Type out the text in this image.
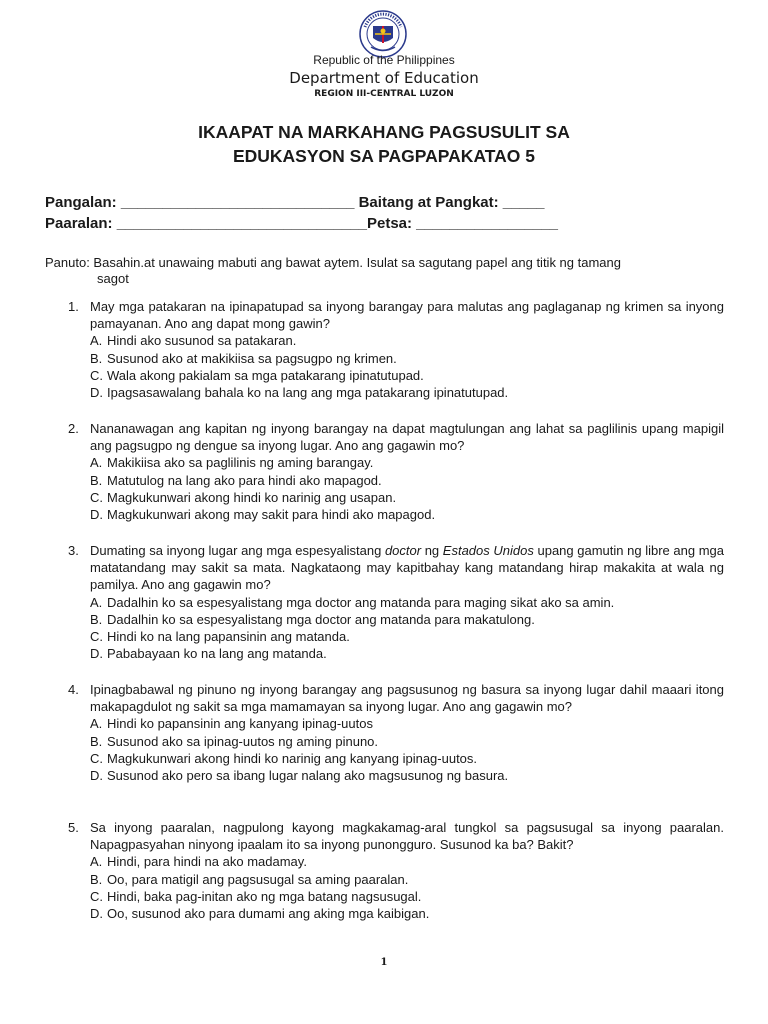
Republic of the Philippines
Department of Education
REGION III-CENTRAL LUZON
IKAAPAT NA MARKAHANG PAGSUSULIT SA
EDUKASYON SA PAGPAPAKATAO 5
Pangalan: ____________________________ Baitang at Pangkat: _____
Paaralan: ______________________________Petsa: _________________
Panuto: Basahin.at unawaing mabuti ang bawat aytem. Isulat sa sagutang papel ang titik ng tamang
sagot
1. May mga patakaran na ipinapatupad sa inyong barangay para malutas ang paglaganap ng krimen sa inyong pamayanan. Ano ang dapat mong gawin?
A. Hindi ako susunod sa patakaran.
B. Susunod ako at makikiisa sa pagsugpo ng krimen.
C. Wala akong pakialam sa mga patakarang ipinatutupad.
D. Ipagsasawalang bahala ko na lang ang mga patakarang ipinatutupad.
2. Nananawagan ang kapitan ng inyong barangay na dapat magtulungan ang lahat sa paglilinis upang mapigil ang pagsugpo ng dengue sa inyong lugar. Ano ang gagawin mo?
A. Makikiisa ako sa paglilinis ng aming barangay.
B. Matutulog na lang ako para hindi ako mapagod.
C. Magkukunwari akong hindi ko narinig ang usapan.
D. Magkukunwari akong may sakit para hindi ako mapagod.
3. Dumating sa inyong lugar ang mga espesyalistang doctor ng Estados Unidos upang gamutin ng libre ang mga matatandang may sakit sa mata. Nagkataong may kapitbahay kang matandang hirap makakita at wala ng pamilya. Ano ang gagawin mo?
A. Dadalhin ko sa espesyalistang mga doctor ang matanda para maging sikat ako sa amin.
B. Dadalhin ko sa espesyalistang mga doctor ang matanda para makatulong.
C. Hindi ko na lang papansinin ang matanda.
D. Pababayaan ko na lang ang matanda.
4. Ipinagbabawal ng pinuno ng inyong barangay ang pagsusunog ng basura sa inyong lugar dahil maaari itong makapagdulot ng sakit sa mga mamamayan sa inyong lugar. Ano ang gagawin mo?
A. Hindi ko papansinin ang kanyang ipinag-uutos
B. Susunod ako sa ipinag-uutos ng aming pinuno.
C. Magkukunwari akong hindi ko narinig ang kanyang ipinag-uutos.
D. Susunod ako pero sa ibang lugar nalang ako magsusunog ng basura.
5. Sa inyong paaralan, nagpulong kayong magkakamag-aral tungkol sa pagsusugal sa inyong paaralan. Napagpasyahan ninyong ipaalam ito sa inyong punongguro. Susunod ka ba? Bakit?
A. Hindi, para hindi na ako madamay.
B. Oo, para matigil ang pagsusugal sa aming paaralan.
C. Hindi, baka pag-initan ako ng mga batang nagsusugal.
D. Oo, susunod ako para dumami ang aking mga kaibigan.
1
